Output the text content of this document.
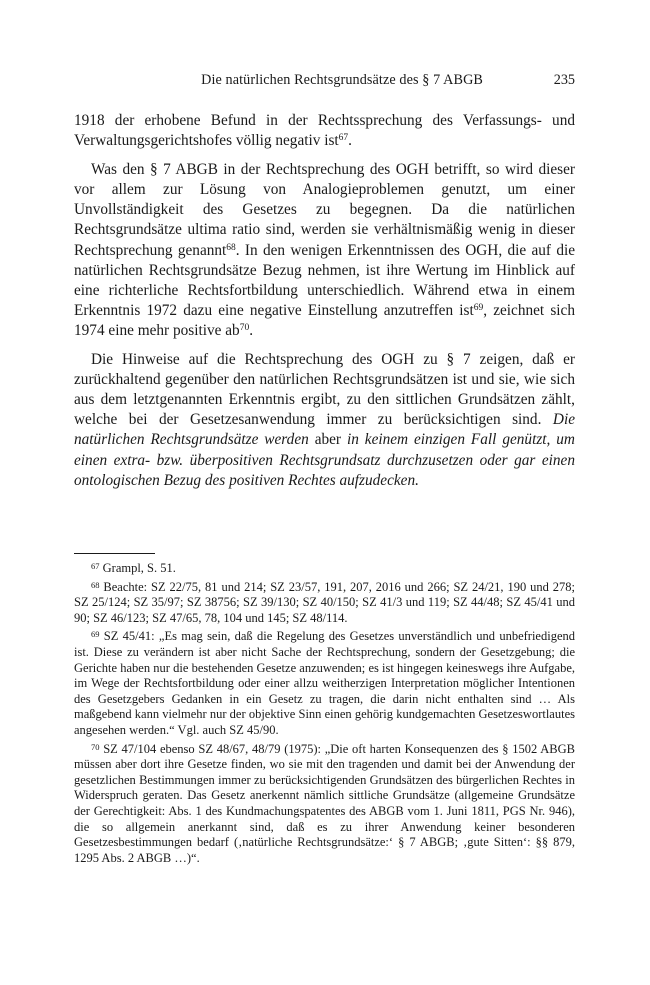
Die natürlichen Rechtsgrundsätze des § 7 ABGB	235

1918 der erhobene Befund in der Rechtssprechung des Verfassungs- und Verwaltungsgerichtshofes völlig negativ ist$^{67}$.

Was den § 7 ABGB in der Rechtsprechung des OGH betrifft, so wird dieser vor allem zur Lösung von Analogieproblemen genutzt, um einer Unvollständigkeit des Gesetzes zu begegnen. Da die natürlichen Rechtsgrundsätze ultima ratio sind, werden sie verhältnismäßig wenig in dieser Rechtsprechung genannt$^{68}$. In den wenigen Erkenntnissen des OGH, die auf die natürlichen Rechtsgrundsätze Bezug nehmen, ist ihre Wertung im Hinblick auf eine richterliche Rechtsfortbildung unterschiedlich. Während etwa in einem Erkenntnis 1972 dazu eine negative Einstellung anzutreffen ist$^{69}$, zeichnet sich 1974 eine mehr positive $ab^{70}$.

Die Hinweise auf die Rechtsprechung des OGH zu § 7 zeigen, daß er zurückhaltend gegenüber den natürlichen Rechtsgrundsätzen ist und sie, wie sich aus dem letztgenannten Erkenntnis ergibt, zu den sittlichen Grundsätzen zählt, welche bei der Gesetzesanwendung immer zu berücksichtigen sind. Die natürlichen Rechtsgrundsätze werden aber in keinem einzigen Fall genützt, um einen extra- bzw. überpositiven Rechtsgrundsatz durchzusetzen oder gar einen ontologischen Bezug des positiven Rechtes aufzudecken.

$^{67}$ Grampl, S. 51.

$^{68}$ Beachte: SZ 22/75, 81 und 214; SZ 23/57, 191, 207, 2016 und 266; SZ 24/21, 190 und 278; SZ 25/124; SZ 35/97; SZ 38756; SZ 39/130; SZ 40/150; SZ 41/3 und 119; SZ 44/48; SZ 45/41 und 90; SZ 46/123; SZ 47/65, 78, 104 und 145; SZ 48/114.

$^{69}$ SZ 45/41: „Es mag sein, daß die Regelung des Gesetzes unverständlich und unbefriedigend ist. Diese zu verändern ist aber nicht Sache der Rechtsprechung, sondern der Gesetzgebung; die Gerichte haben nur die bestehenden Gesetze anzuwenden; es ist hingegen keineswegs ihre Aufgabe, im Wege der Rechtsfortbildung oder einer allzu weitherzigen Interpretation möglicher Intentionen des Gesetzgebers Gedanken in ein Gesetz zu tragen, die darin nicht enthalten sind … Als maßgebend kann vielmehr nur der objektive Sinn einen gehörig kundgemachten Gesetzeswortlautes angesehen werden.“ Vgl. auch SZ 45/90.

$^{70}$ SZ 47/104 ebenso SZ 48/67, 48/79 (1975): „Die oft harten Konsequenzen des § 1502 ABGB müssen aber dort ihre Gesetze finden, wo sie mit den tragenden und damit bei der Anwendung der gesetzlichen Bestimmungen immer zu berücksichtigenden Grundsätzen des bürgerlichen Rechtes in Widerspruch geraten. Das Gesetz anerkennt nämlich sittliche Grundsätze (allgemeine Grundsätze der Gerechtigkeit: Abs. 1 des Kundmachungspatentes des ABGB vom 1. Juni 1811, PGS Nr. 946), die so allgemein anerkannt sind, daß es zu ihrer Anwendung keiner besonderen Gesetzesbestimmungen bedarf (‚natürliche Rechtsgrundsätze:‘ § 7 ABGB; ‚gute Sitten‘: §§ 879, 1295 Abs. 2 ABGB …)“.
